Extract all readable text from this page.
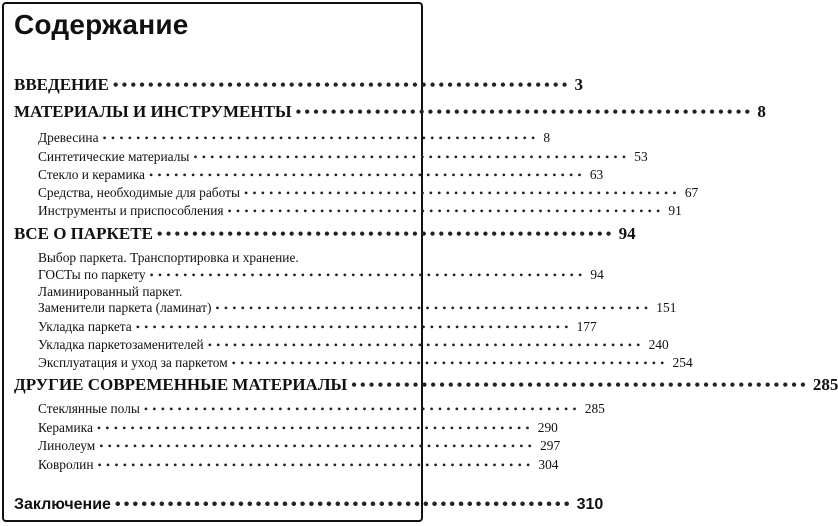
Содержание
ВВЕДЕНИЕ •••••••••••••••••••••••••••••••••••••••••••••••••••• 3
МАТЕРИАЛЫ И ИНСТРУМЕНТЫ •••••••••••••••••••••••••••••••••••••••••••••••••••• 8
Древесина •••••••••••••••••••••••••••••••••••••••••••••••••••• 8
Синтетические материалы •••••••••••••••••••••••••••••••••••••••••••••••••••• 53
Стекло и керамика •••••••••••••••••••••••••••••••••••••••••••••••••••• 63
Средства, необходимые для работы •••••••••••••••••••••••••••••••••••••••••••••••••••• 67
Инструменты и приспособления •••••••••••••••••••••••••••••••••••••••••••••••••••• 91
ВСЕ О ПАРКЕТЕ •••••••••••••••••••••••••••••••••••••••••••••••••••• 94
Выбор паркета. Транспортировка и хранение.
ГОСТы по паркету •••••••••••••••••••••••••••••••••••••••••••••••••••• 94
Ламинированный паркет.
Заменители паркета (ламинат) •••••••••••••••••••••••••••••••••••••••••••••••••••• 151
Укладка паркета •••••••••••••••••••••••••••••••••••••••••••••••••••• 177
Укладка паркетозаменителей •••••••••••••••••••••••••••••••••••••••••••••••••••• 240
Эксплуатация и уход за паркетом •••••••••••••••••••••••••••••••••••••••••••••••••••• 254
ДРУГИЕ СОВРЕМЕННЫЕ МАТЕРИАЛЫ •••••••••••••••••••••••••••••••••••••••••••••••••••• 285
Стеклянные полы •••••••••••••••••••••••••••••••••••••••••••••••••••• 285
Керамика •••••••••••••••••••••••••••••••••••••••••••••••••••• 290
Линолеум •••••••••••••••••••••••••••••••••••••••••••••••••••• 297
Ковролин •••••••••••••••••••••••••••••••••••••••••••••••••••• 304
Заключение •••••••••••••••••••••••••••••••••••••••••••••••••••• 310
